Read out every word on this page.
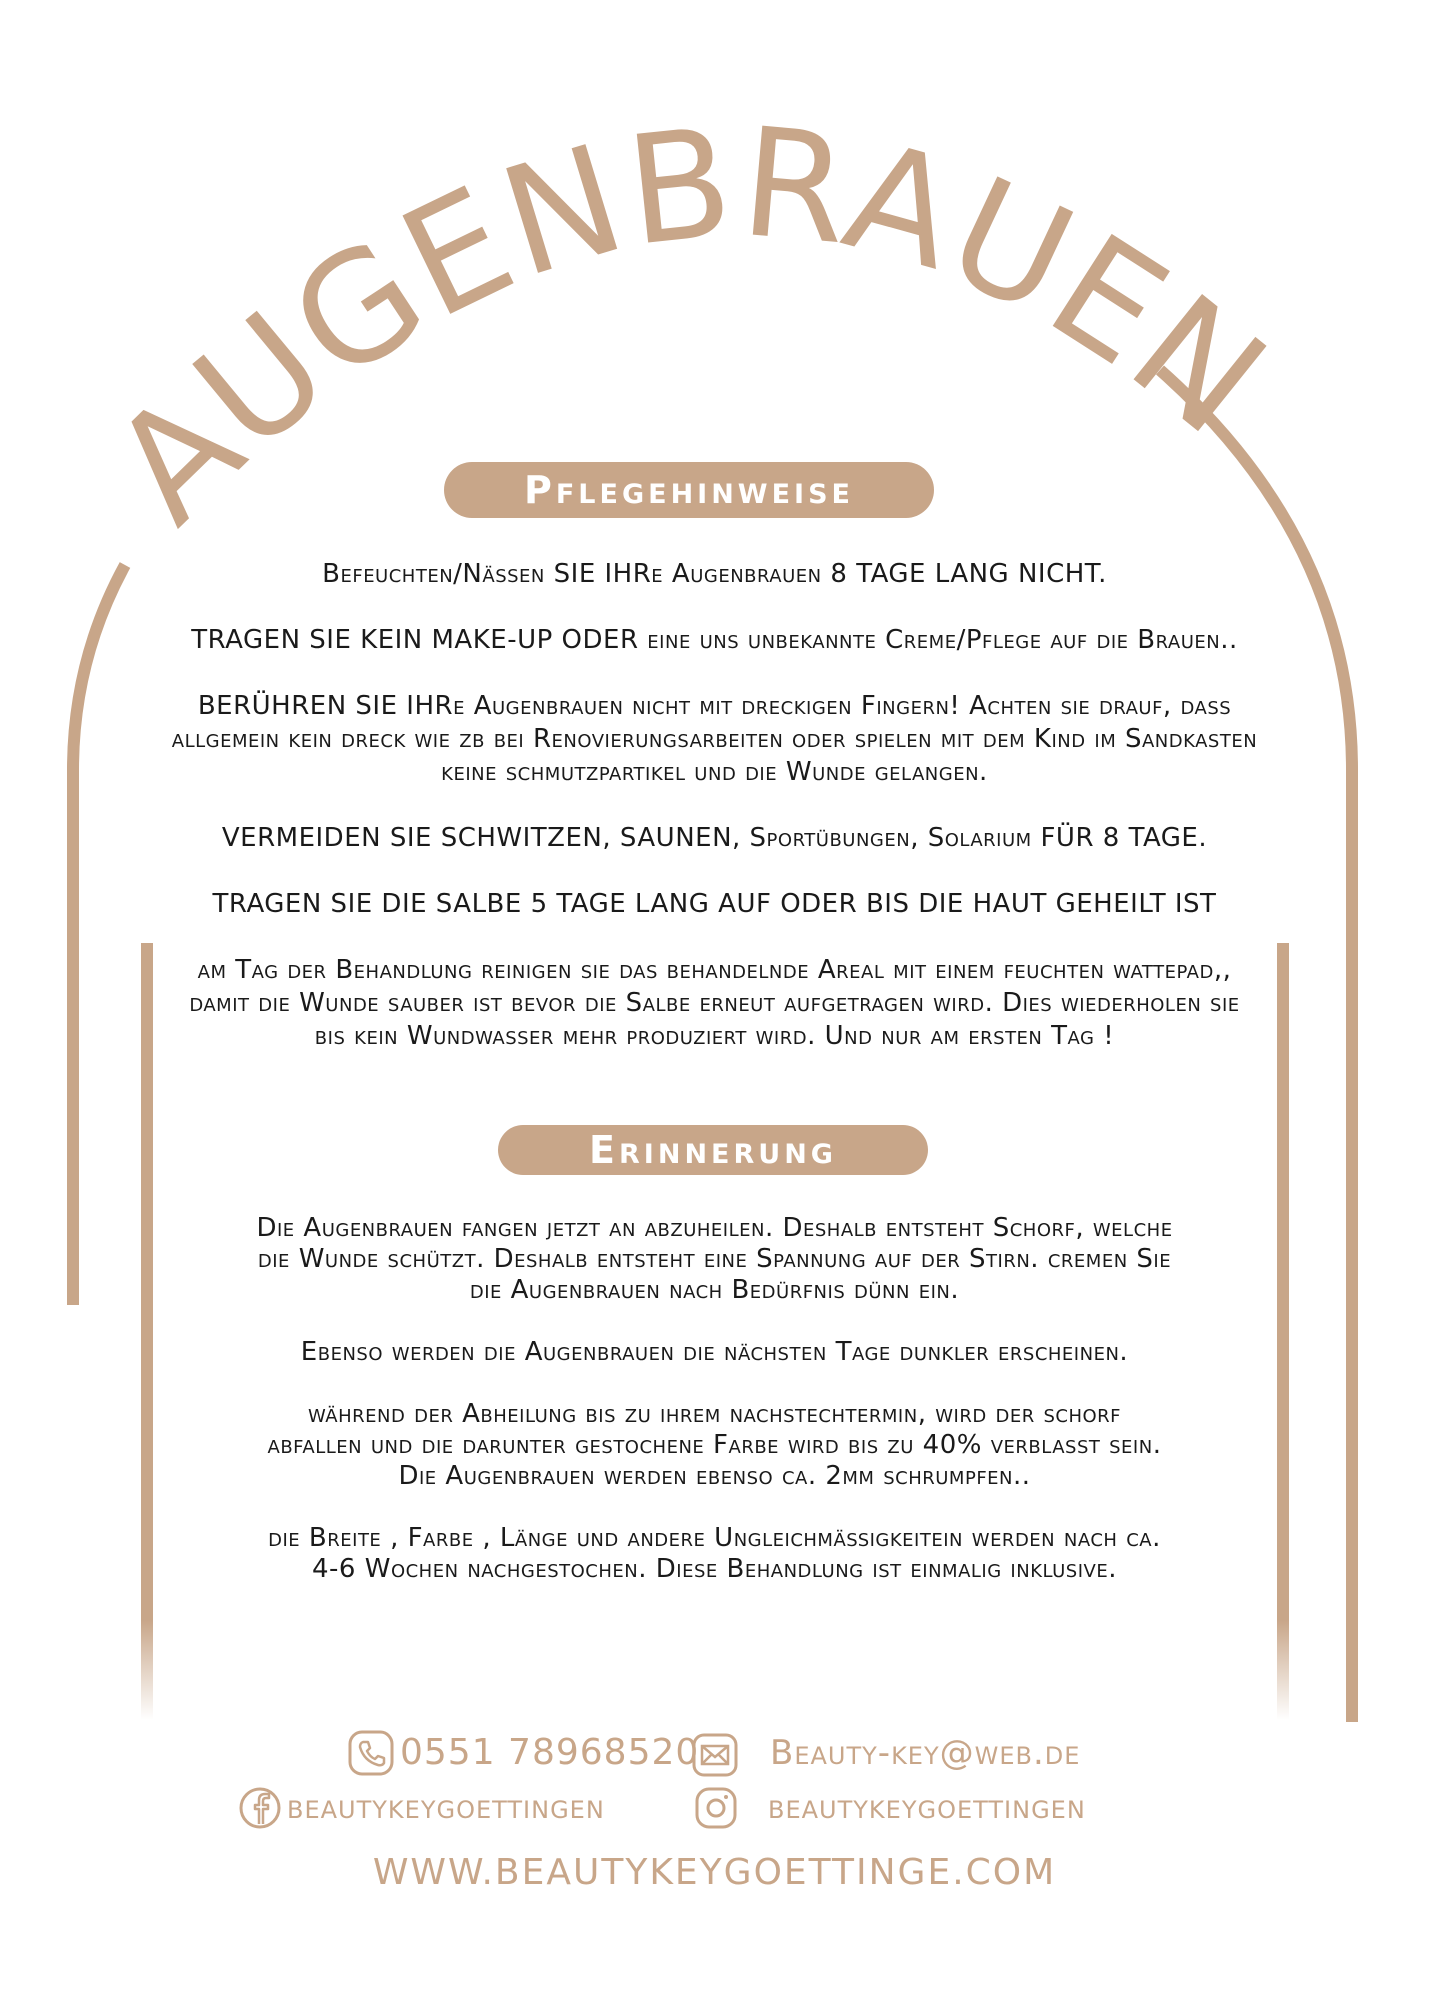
AUGENBRAUEN
Pflegehinweise

Befeuchten/Nässen SIE IHRe Augenbrauen 8 TAGE LANG NICHT.

TRAGEN SIE KEIN MAKE-UP ODER eine uns unbekannte Creme/Pflege auf die Brauen..

BERÜHREN SIE IHRe Augenbrauen nicht mit dreckigen Fingern! Achten sie drauf, dass allgemein kein dreck wie zb bei Renovierungsarbeiten oder spielen mit dem Kind im Sandkasten keine schmutzpartikel und die Wunde gelangen.

VERMEIDEN SIE SCHWITZEN, SAUNEN, Sportübungen, Solarium FÜR 8 TAGE.

TRAGEN SIE DIE SALBE 5 TAGE LANG AUF ODER BIS DIE HAUT GEHEILT IST

am Tag der Behandlung reinigen sie das behandelnde Areal mit einem feuchten wattepad,, damit die Wunde sauber ist bevor die Salbe erneut aufgetragen wird. Dies wiederholen sie bis kein Wundwasser mehr produziert wird. Und nur am ersten Tag !

Erinnerung

Die Augenbrauen fangen jetzt an abzuheilen. Deshalb entsteht Schorf, welche die Wunde schützt. Deshalb entsteht eine Spannung auf der Stirn. cremen Sie die Augenbrauen nach Bedürfnis dünn ein.

Ebenso werden die Augenbrauen die nächsten Tage dunkler erscheinen.

während der Abheilung bis zu ihrem nachstechtermin, wird der schorf abfallen und die darunter gestochene Farbe wird bis zu 40% verblasst sein. Die Augenbrauen werden ebenso ca. 2mm schrumpfen..

die Breite , Farbe , Länge und andere Ungleichmäßigkeitein werden nach ca. 4-6 Wochen nachgestochen. Diese Behandlung ist einmalig inklusive.

0551 78968520 Beauty-key@web.de
beautykeygoettingen	beautykeygoettingen
WWW.BEAUTYKEYGOETTINGE.COM
